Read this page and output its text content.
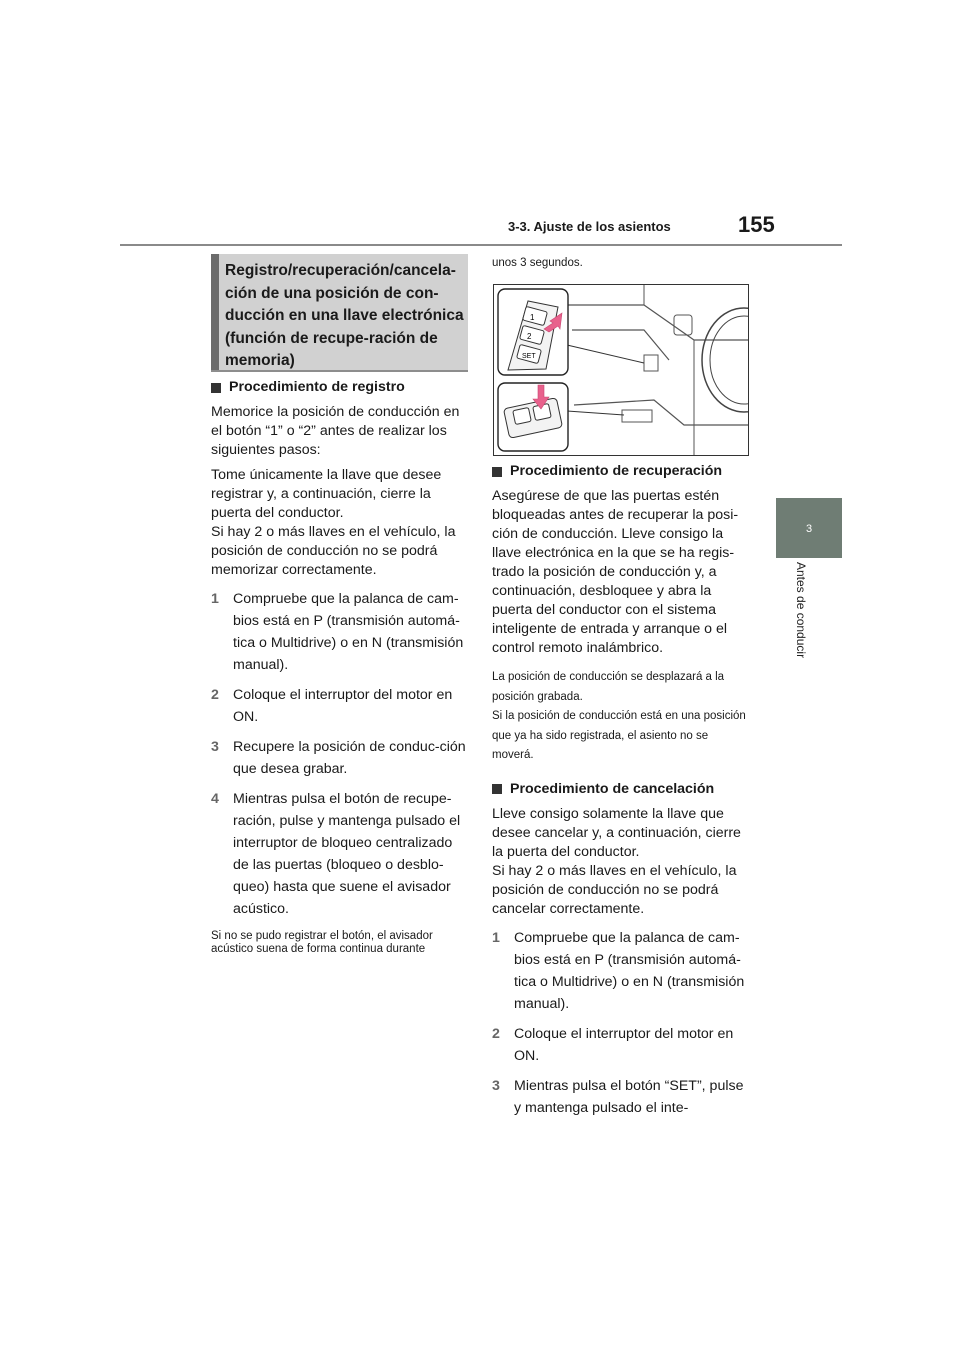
3-3. Ajuste de los asientos	155
3
Antes de conducir
Registro/recuperación/cancela-ción de una posición de con-ducción en una llave electrónica (función de recupe-ración de memoria)

Procedimiento de registro

Memorice la posición de conducción en el botón “1” o “2” antes de realizar los siguientes pasos:

Tome únicamente la llave que desee registrar y, a continuación, cierre la puerta del conductor.
Si hay 2 o más llaves en el vehículo, la posición de conducción no se podrá memorizar correctamente.

1 Compruebe que la palanca de cam-bios está en P (transmisión automá-tica o Multidrive) o en N (transmisión manual).
2 Coloque el interruptor del motor en ON.
3 Recupere la posición de conduc-ción que desea grabar.
4 Mientras pulsa el botón de recupe-ración, pulse y mantenga pulsado el interruptor de bloqueo centralizado de las puertas (bloqueo o desblo-queo) hasta que suene el avisador acústico.

Si no se pudo registrar el botón, el avisador acústico suena de forma continua durante

unos 3 segundos.
1
2
SET

Procedimiento de recuperación

Asegúrese de que las puertas estén bloqueadas antes de recuperar la posi-ción de conducción. Lleve consigo la llave electrónica en la que se ha regis-trado la posición de conducción y, a continuación, desbloquee y abra la puerta del conductor con el sistema inteligente de entrada y arranque o el control remoto inalámbrico.

La posición de conducción se desplazará a la posición grabada.
Si la posición de conducción está en una posición que ya ha sido registrada, el asiento no se moverá.

Procedimiento de cancelación

Lleve consigo solamente la llave que desee cancelar y, a continuación, cierre la puerta del conductor.
Si hay 2 o más llaves en el vehículo, la posición de conducción no se podrá cancelar correctamente.

1 Compruebe que la palanca de cam-bios está en P (transmisión automá-tica o Multidrive) o en N (transmisión manual).
2 Coloque el interruptor del motor en ON.
3 Mientras pulsa el botón “SET”, pulse y mantenga pulsado el inte-
